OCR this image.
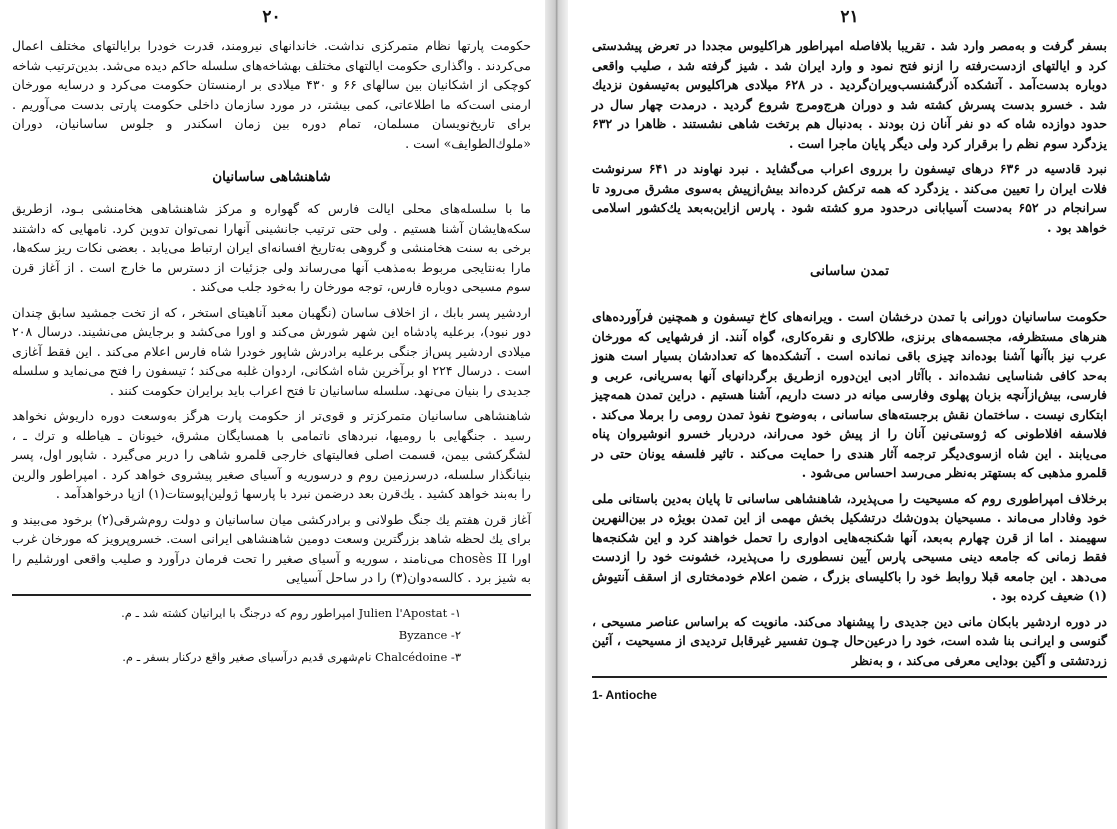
۲۰

حکومت پارتها نظام متمرکزی نداشت. خاندانهای نیرومند، قدرت خودرا برایالتهای مختلف اعمال می‌کردند . واگذاری حکومت ایالتهای مختلف بهشاخه‌های سلسله حاکم دیده می‌شد. بدین‌ترتیب شاخه کوچکی از اشکانیان بین سالهای ۶۶ و ۴۳۰ میلادی بر ارمنستان حکومت می‌کرد و درسایه مورخان ارمنی است‌که ما اطلاعاتی، کمی بیشتر، در مورد سازمان داخلی حکومت پارتی بدست می‌آوریم . برای تاریخ‌نویسان مسلمان، تمام دوره بین زمان اسکندر و جلوس ساسانیان، دوران «ملوك‌الطوایف» است .

شاهنشاهی ساسانیان

ما با سلسله‌های محلی ایالت فارس که گهواره و مرکز شاهنشاهی هخامنشی بـود، ازطریق سکه‌هایشان آشنا هستیم . ولی حتی ترتیب جانشینی آنهارا نمی‌توان تدوین کرد. نامهایی که داشتند برخی به سنت هخامنشی و گروهی به‌تاریخ افسانه‌ای ایران ارتباط می‌یابد . بعضی نکات ریز سکه‌ها، مارا به‌نتایجی مربوط به‌مذهب آنها می‌رساند ولی جزئیات از دسترس ما خارج است . از آغاز قرن سوم مسیحی دوباره فارس، توجه مورخان را به‌خود جلب می‌کند .

اردشیر پسر بابك ، از اخلاف ساسان (نگهبان معبد آناهیتای استخر ، که از تخت جمشید سابق چندان دور نبود)، برعلیه پادشاه این شهر شورش می‌کند و اورا می‌کشد و برجایش می‌نشیند. درسال ۲۰۸ میلادی اردشیر پس‌از جنگی برعلیه برادرش شاپور خودرا شاه فارس اعلام می‌کند . این فقط آغازی است . درسال ۲۲۴ او برآخرین شاه اشکانی، اردوان غلبه می‌کند ؛ تیسفون را فتح می‌نماید و سلسله جدیدی را بنیان می‌نهد. سلسله ساسانیان تا فتح اعراب باید برایران حکومت کنند .

شاهنشاهی ساسانیان متمرکزتر و قوی‌تر از حکومت پارت هرگز به‌وسعت دوره داریوش نخواهد رسید . جنگهایی با رومیها، نبردهای ناتمامی با همسایگان مشرق، خیونان ـ هیاطله و ترك ـ ، لشگرکشی بیمن، قسمت اصلی فعالیتهای خارجی قلمرو شاهی را دربر می‌گیرد . شاپور اول، پسر بنیانگذار سلسله، درسرزمین روم و درسوریه و آسیای صغیر پیشروی خواهد کرد . امپراطور والرین را به‌بند خواهد کشید . یك‌قرن بعد درضمن نبرد با پارسها ژولین‌اپوستات(۱) ازپا درخواهدآمد .

آغاز قرن هفتم یك جنگ طولانی و برادرکشی میان ساسانیان و دولت روم‌شرقی(۲) برخود می‌بیند و برای یك لحظه شاهد بزرگترین وسعت دومین شاهنشاهی ایرانی است. خسروپرویز که مورخان غرب اورا chosès II می‌نامند ، سوریه و آسیای صغیر را تحت فرمان درآورد و صلیب واقعی اورشلیم را به شیز برد . کالسه‌دوان(۳) را در ساحل آسیایی

۱- Julien l'Apostat امپراطور روم که درجنگ با ایرانیان کشته شد ـ م.
۲- Byzance
۳- Chalcédoine نام‌شهری قدیم درآسیای صغیر واقع درکنار بسفر ـ م.
۲۱

بسفر گرفت و به‌مصر وارد شد . تقریبا بلافاصله امپراطور هراکلیوس مجددا در تعرض پیشدستی کرد و ایالتهای ازدست‌رفته را ازنو فتح نمود و وارد ایران شد . شیز گرفته شد ، صلیب واقعی دوباره بدست‌آمد . آتشکده آذرگشنسب‌ویران‌گردید . در ۶۲۸ میلادی هراکلیوس به‌تیسفون نزدیك شد . خسرو بدست پسرش کشته شد و دوران هرج‌ومرج شروع گردید . درمدت چهار سال در حدود دوازده شاه که دو نفر آنان زن بودند . به‌دنبال هم برتخت شاهی نشستند . ظاهرا در ۶۳۲ یزدگرد سوم نظم را برقرار کرد ولی دیگر پایان ماجرا است .

نبرد قادسیه در ۶۳۶ درهای تیسفون را برروی اعراب می‌گشاید . نبرد نهاوند در ۶۴۱ سرنوشت فلات ایران را تعیین می‌کند . یزدگرد که همه ترکش کرده‌اند بیش‌ازپیش به‌سوی مشرق می‌رود تا سرانجام در ۶۵۲ به‌دست آسیابانی درحدود مرو کشته شود . پارس ازاین‌به‌بعد یك‌کشور اسلامی خواهد بود .

تمدن ساسانی

حکومت ساسانیان دورانی با تمدن درخشان است . ویرانه‌های کاخ تیسفون و همچنین فرآورده‌های هنرهای مستظرفه، مجسمه‌های برنزی، طلاکاری و نقره‌کاری، گواه آنند. از فرشهایی که مورخان عرب نیز باآنها آشنا بوده‌اند چیزی باقی نمانده است . آتشکده‌ها که تعدادشان بسیار است هنوز به‌حد کافی شناسایی نشده‌اند . باآثار ادبی این‌دوره ازطریق برگردانهای آنها به‌سریانی، عربی و فارسی، بیش‌ازآنچه بزبان پهلوی وفارسی میانه در دست داریم، آشنا هستیم . دراین تمدن همه‌چیز ابتکاری نیست . ساختمان نقش برجسته‌های ساسانی ، به‌وضوح نفوذ تمدن رومی را برملا می‌کند . فلاسفه افلاطونی که ژوستی‌نین آنان را از پیش خود می‌راند، دردربار خسرو انوشیروان پناه می‌یابند . این شاه ازسوی‌دیگر ترجمه آثار هندی را حمایت می‌کند . تاثیر فلسفه یونان حتی در قلمرو مذهبی که بستهتر به‌نظر می‌رسد احساس می‌شود .

برخلاف امپراطوری روم که مسیحیت را می‌پذیرد، شاهنشاهی ساسانی تا پایان به‌دین باستانی ملی خود وفادار می‌ماند . مسیحیان بدون‌شك درتشکیل بخش مهمی از این تمدن بویژه در بین‌النهرین سهیمند . اما از قرن چهارم به‌بعد، آنها شکنجه‌هایی ادواری را تحمل خواهند کرد و این شکنجه‌ها فقط زمانی که جامعه دینی مسیحی پارس آیین نسطوری را می‌پذیرد، خشونت خود را ازدست می‌دهد . این جامعه قبلا روابط خود را باکلیسای بزرگ ، ضمن اعلام خودمختاری از اسقف آنتیوش (۱) ضعیف کرده بود .

در دوره اردشیر بابکان مانی دین جدیدی را پیشنهاد می‌کند. مانویت که براساس عناصر مسیحی ، گنوسی و ایرانـی بنا شده است، خود را درعین‌حال چـون تفسیر غیرقابل تردیدی از مسیحیت ، آئین زردتشتی و آگین بودایی معرفی می‌کند ، و به‌نظر

1- Antioche
